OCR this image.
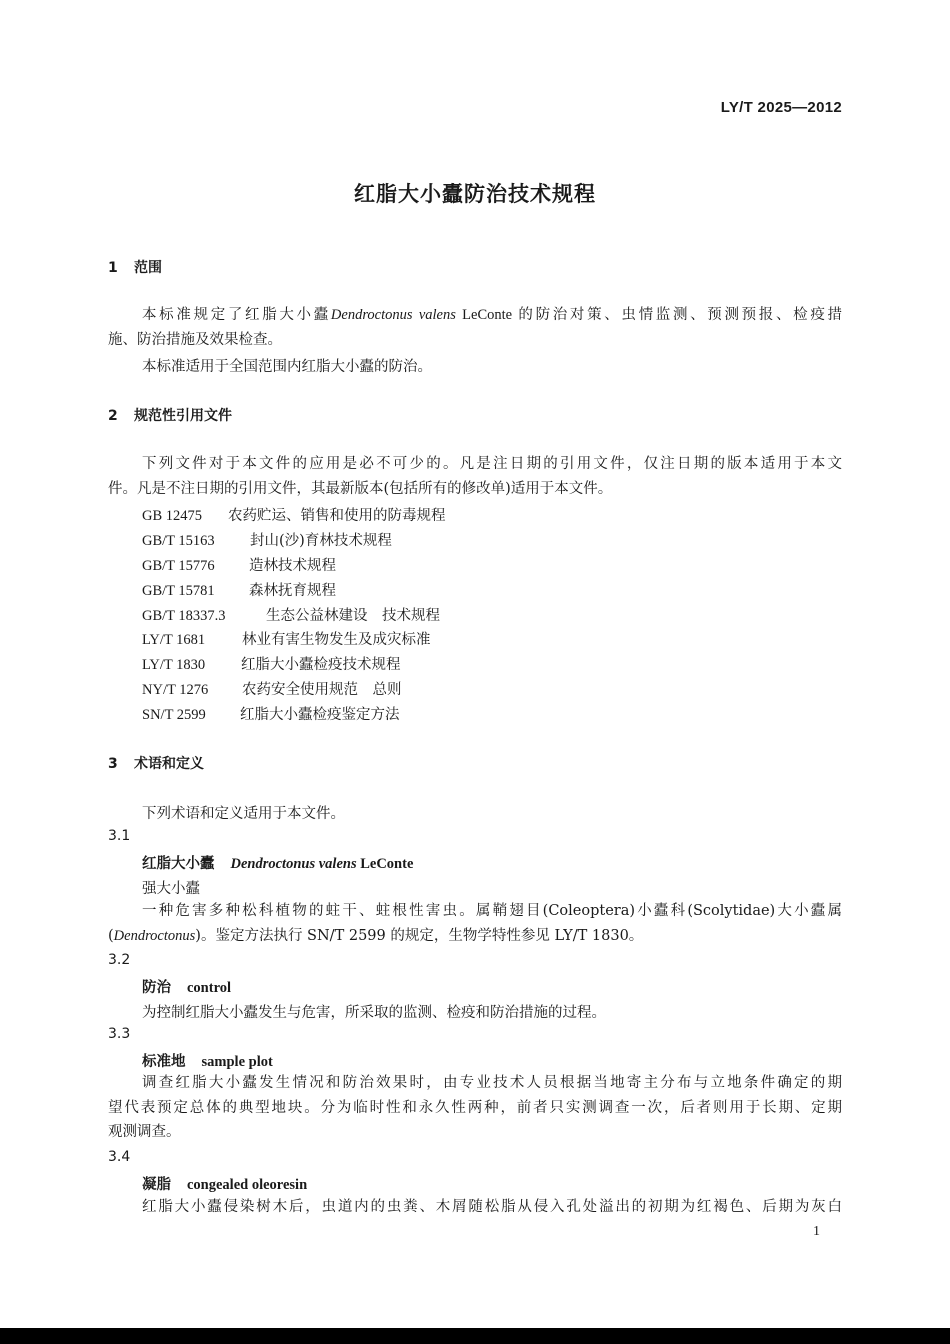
LY/T 2025—2012
红脂大小蠹防治技术规程
1 范围
本标准规定了红脂大小蠹Dendroctonus valens LeConte 的防治对策、虫情监测、预测预报、检疫措
施、防治措施及效果检查。
本标准适用于全国范围内红脂大小蠹的防治。
2 规范性引用文件
下列文件对于本文件的应用是必不可少的。凡是注日期的引用文件，仅注日期的版本适用于本文
件。凡是不注日期的引用文件，其最新版本(包括所有的修改单)适用于本文件。
GB 12475 农药贮运、销售和使用的防毒规程
GB/T 15163 封山(沙)育林技术规程
GB/T 15776 造林技术规程
GB/T 15781 森林抚育规程
GB/T 18337.3	生态公益林建设　技术规程
LY/T 1681	林业有害生物发生及成灾标准
LY/T 1830 红脂大小蠹检疫技术规程
NY/T 1276 农药安全使用规范　总则
SN/T 2599 红脂大小蠹检疫鉴定方法
3 术语和定义
下列术语和定义适用于本文件。
3.1
红脂大小蠹 Dendroctonus valens LeConte
强大小蠹
一种危害多种松科植物的蛀干、蛀根性害虫。属鞘翅目(Coleoptera)小蠹科(Scolytidae)大小蠹属
(Dendroctonus)。鉴定方法执行 SN/T 2599 的规定，生物学特性参见 LY/T 1830。
3.2
防治 control
为控制红脂大小蠹发生与危害，所采取的监测、检疫和防治措施的过程。
3.3
标准地 sample plot
调查红脂大小蠹发生情况和防治效果时，由专业技术人员根据当地寄主分布与立地条件确定的期
望代表预定总体的典型地块。分为临时性和永久性两种，前者只实测调查一次，后者则用于长期、定期
观测调查。
3.4
凝脂 congealed oleoresin
红脂大小蠹侵染树木后，虫道内的虫粪、木屑随松脂从侵入孔处溢出的初期为红褐色、后期为灰白
1
